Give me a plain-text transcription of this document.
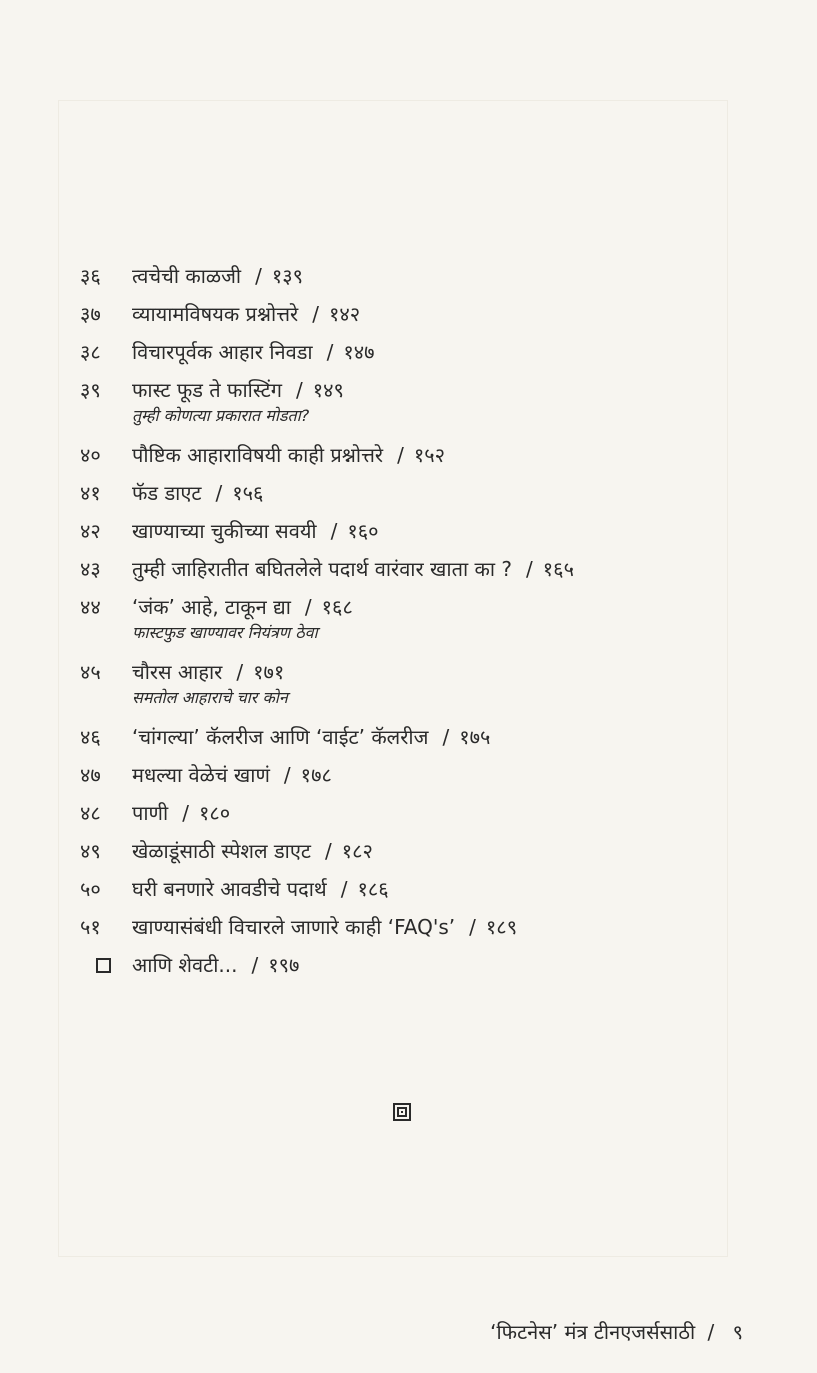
३६	त्वचेची काळजी / १३९
३७	व्यायामविषयक प्रश्नोत्तरे / १४२
३८	विचारपूर्वक आहार निवडा / १४७
३९	फास्ट फूड ते फास्टिंग / १४९
तुम्ही कोणत्या प्रकारात मोडता?
४०	पौष्टिक आहाराविषयी काही प्रश्नोत्तरे / १५२
४१	फॅड डाएट / १५६
४२	खाण्याच्या चुकीच्या सवयी / १६०
४३	तुम्ही जाहिरातीत बघितलेले पदार्थ वारंवार खाता का ? / १६५
४४	‘जंक’ आहे, टाकून द्या / १६८
फास्टफुड खाण्यावर नियंत्रण ठेवा
४५	चौरस आहार / १७१
समतोल आहाराचे चार कोन
४६	‘चांगल्या’ कॅलरीज आणि ‘वाईट’ कॅलरीज / १७५
४७	मधल्या वेळेचं खाणं / १७८
४८	पाणी / १८०
४९	खेळाडूंसाठी स्पेशल डाएट / १८२
५०	घरी बनणारे आवडीचे पदार्थ / १८६
५१	खाण्यासंबंधी विचारले जाणारे काही ‘FAQ's’ / १८९
आणि शेवटी... / १९७
‘फिटनेस’ मंत्र टीनएजर्ससाठी / ९
